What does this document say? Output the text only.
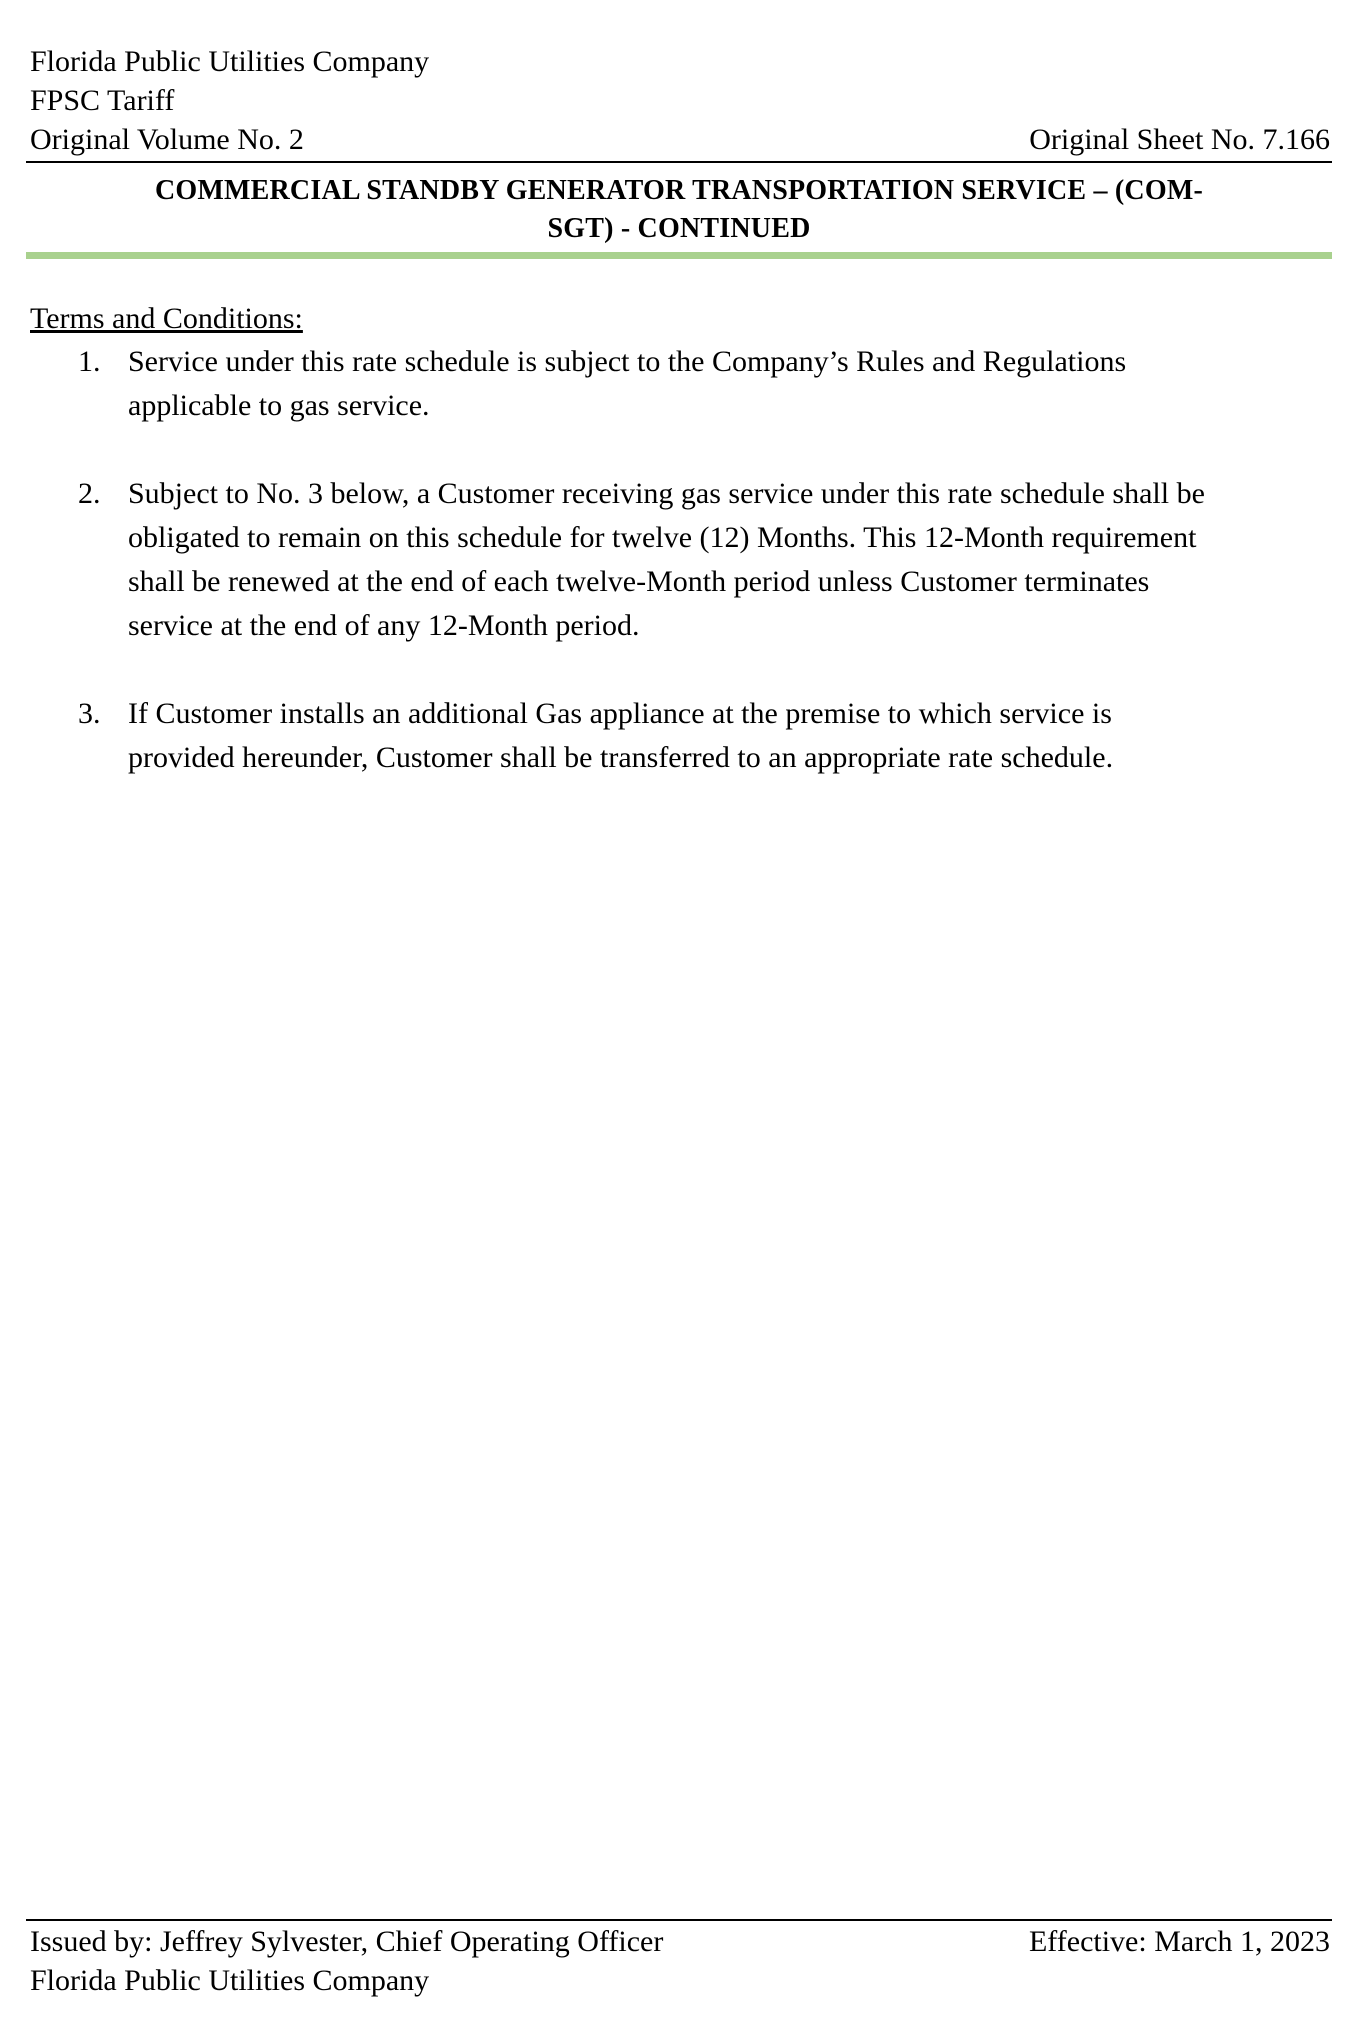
Florida Public Utilities Company
FPSC Tariff
Original Volume No. 2	Original Sheet No. 7.166
COMMERCIAL STANDBY GENERATOR TRANSPORTATION SERVICE – (COM-
SGT) - CONTINUED
Terms and Conditions:
1. Service under this rate schedule is subject to the Company’s Rules and Regulations
applicable to gas service.
2. Subject to No. 3 below, a Customer receiving gas service under this rate schedule shall be
obligated to remain on this schedule for twelve (12) Months. This 12-Month requirement
shall be renewed at the end of each twelve-Month period unless Customer terminates
service at the end of any 12-Month period.
3. If Customer installs an additional Gas appliance at the premise to which service is
provided hereunder, Customer shall be transferred to an appropriate rate schedule.
Issued by: Jeffrey Sylvester, Chief Operating Officer	Effective: March 1, 2023
Florida Public Utilities Company
